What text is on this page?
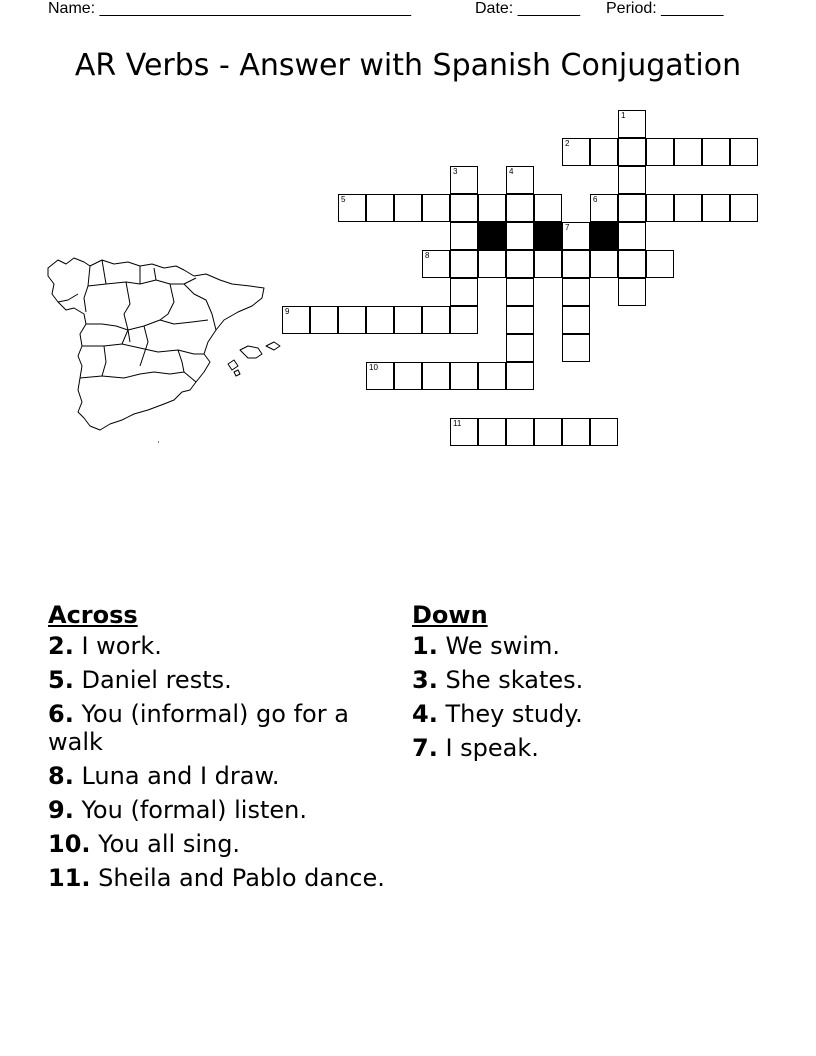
Name: ___________________________________

	Date: _______

Period: _______

AR Verbs - Answer with Spanish Conjugation
1
2
3	4
5	6
7
8
9
10
11
Across
2. I work.
5. Daniel rests.
6. You (informal) go for a walk
8. Luna and I draw.
9. You (formal) listen.
10. You all sing.
11. Sheila and Pablo dance.
Down
1. We swim.
3. She skates.
4. They study.
7. I speak.
